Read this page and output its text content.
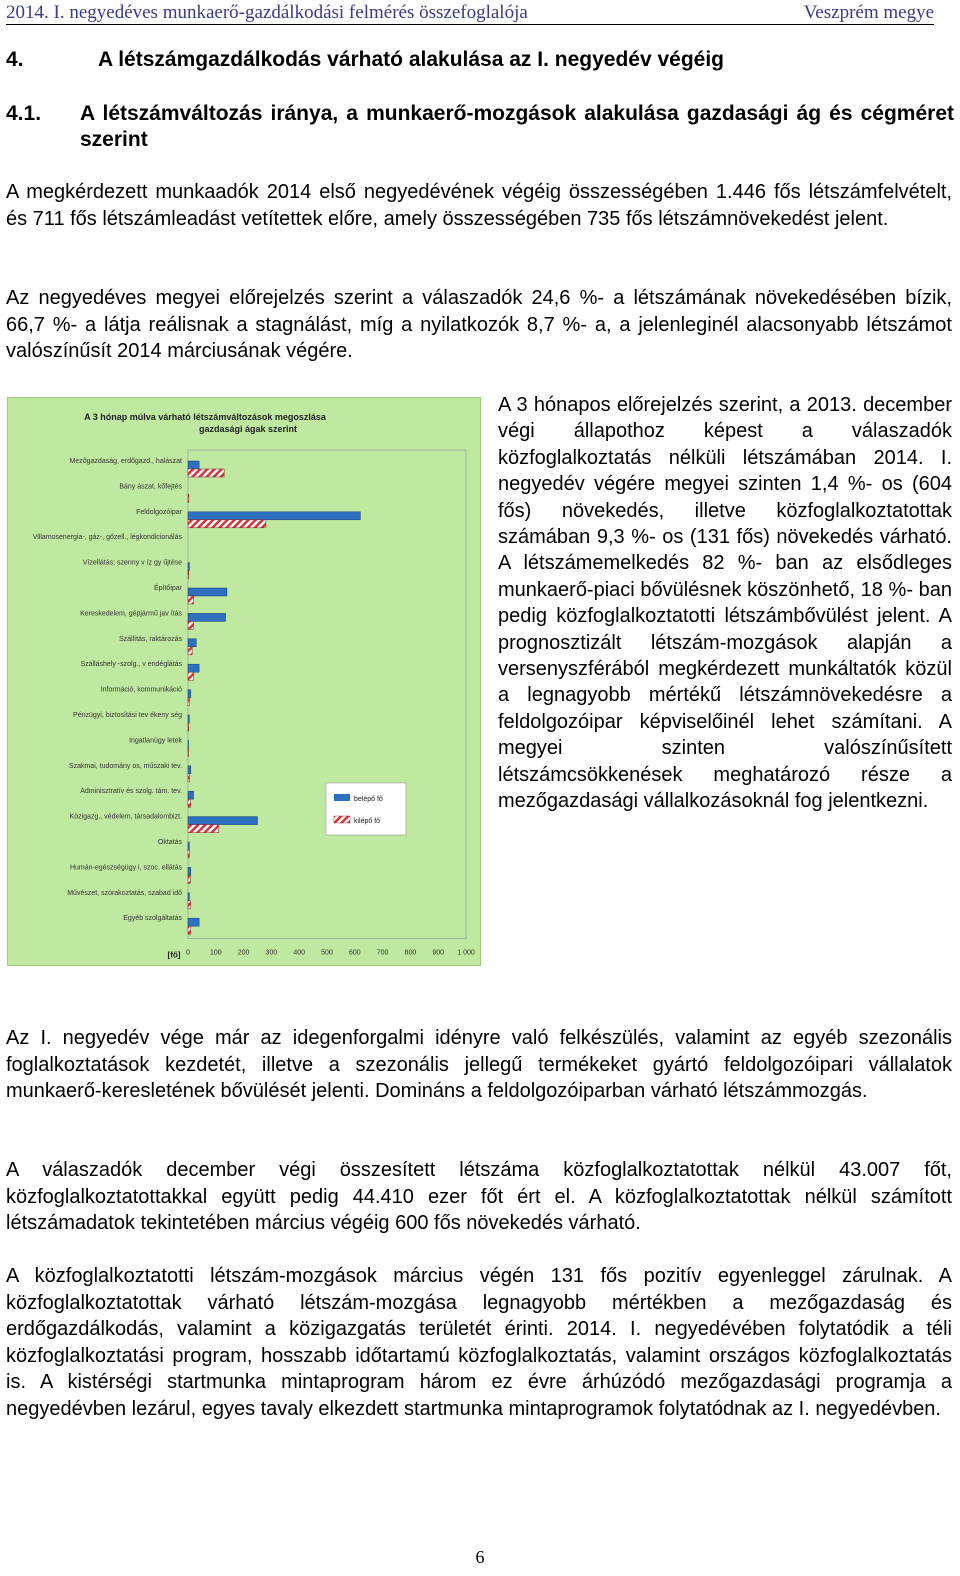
2014. I. negyedéves munkaerő-gazdálkodási felmérés összefoglalója	Veszprém megye
4.	A létszámgazdálkodás várható alakulása az I. negyedév végéig
4.1. A létszámváltozás iránya, a munkaerő-mozgások alakulása gazdasági ág és cégméret szerint
A megkérdezett munkaadók 2014 első negyedévének végéig összességében 1.446 fős létszámfelvételt, és 711 fős létszámleadást vetítettek előre, amely összességében 735 fős létszámnövekedést jelent.
Az negyedéves megyei előrejelzés szerint a válaszadók 24,6 %- a létszámának növekedésében bízik, 66,7 %- a látja reálisnak a stagnálást, míg a nyilatkozók 8,7 %- a, a jelenleginél alacsonyabb létszámot valószínűsít 2014 márciusának végére.
A 3 hónap múlva várható létszámváltozások megoszlása
gazdasági ágak szerint
Mezőgazdaság, erdőgazd., halászat
Bány ászat, kőfejtés
Feldolgozóipar
Villamosenergia-, gáz-, gőzell., légkondicionálás
Vízellátás; szenny v íz gy űjtése
Építőipar
Kereskedelem, gépjármű jav ítás
Szállítás, raktározás
Szálláshely -szolg., v endéglátás
Információ, kommunikáció
Pénzügyi, biztosítási tev ékeny ség
Ingatlanügy letek
Szakmai, tudomány os, műszaki tev.
Adminisztratív és szolg. tám. tev.
Közigazg., védelem, társadalombizt.
Oktatás
Humán-egészségügy i, szoc. ellátás
Művészet, szórakoztatás, szabad idő
Egyéb szolgáltatás
0	100 200 300 400 500 600 700 800 900 1 000
[fő]
belépő fő
kilépő fő
A 3 hónapos előrejelzés szerint, a 2013. december végi állapothoz képest a válaszadók közfoglalkoztatás nélküli létszámában 2014. I. negyedév végére megyei szinten 1,4 %- os (604 fős) növekedés, illetve közfoglalkoztatottak számában 9,3 %- os (131 fős) növekedés várható. A létszámemelkedés 82 %- ban az elsődleges munkaerő-piaci bővülésnek köszönhető, 18 %- ban pedig közfoglalkoztatotti létszámbővülést jelent. A prognosztizált létszám-mozgások alapján a versenyszférából megkérdezett munkáltatók közül a legnagyobb mértékű létszámnövekedésre a feldolgozóipar képviselőinél lehet számítani. A megyei szinten valószínűsített létszámcsökkenések meghatározó része a mezőgazdasági vállalkozásoknál fog jelentkezni.
Az I. negyedév vége már az idegenforgalmi idényre való felkészülés, valamint az egyéb szezonális foglalkoztatások kezdetét, illetve a szezonális jellegű termékeket gyártó feldolgozóipari vállalatok munkaerő-keresletének bővülését jelenti. Domináns a feldolgozóiparban várható létszámmozgás.
A válaszadók december végi összesített létszáma közfoglalkoztatottak nélkül 43.007 főt, közfoglalkoztatottakkal együtt pedig 44.410 ezer főt ért el. A közfoglalkoztatottak nélkül számított létszámadatok tekintetében március végéig 600 fős növekedés várható.
A közfoglalkoztatotti létszám-mozgások március végén 131 fős pozitív egyenleggel zárulnak. A közfoglalkoztatottak várható létszám-mozgása legnagyobb mértékben a mezőgazdaság és erdőgazdálkodás, valamint a közigazgatás területét érinti. 2014. I. negyedévében folytatódik a téli közfoglalkoztatási program, hosszabb időtartamú közfoglalkoztatás, valamint országos közfoglalkoztatás is. A kistérségi startmunka mintaprogram három ez évre árhúzódó mezőgazdasági programja a negyedévben lezárul, egyes tavaly elkezdett startmunka mintaprogramok folytatódnak az I. negyedévben.
6
